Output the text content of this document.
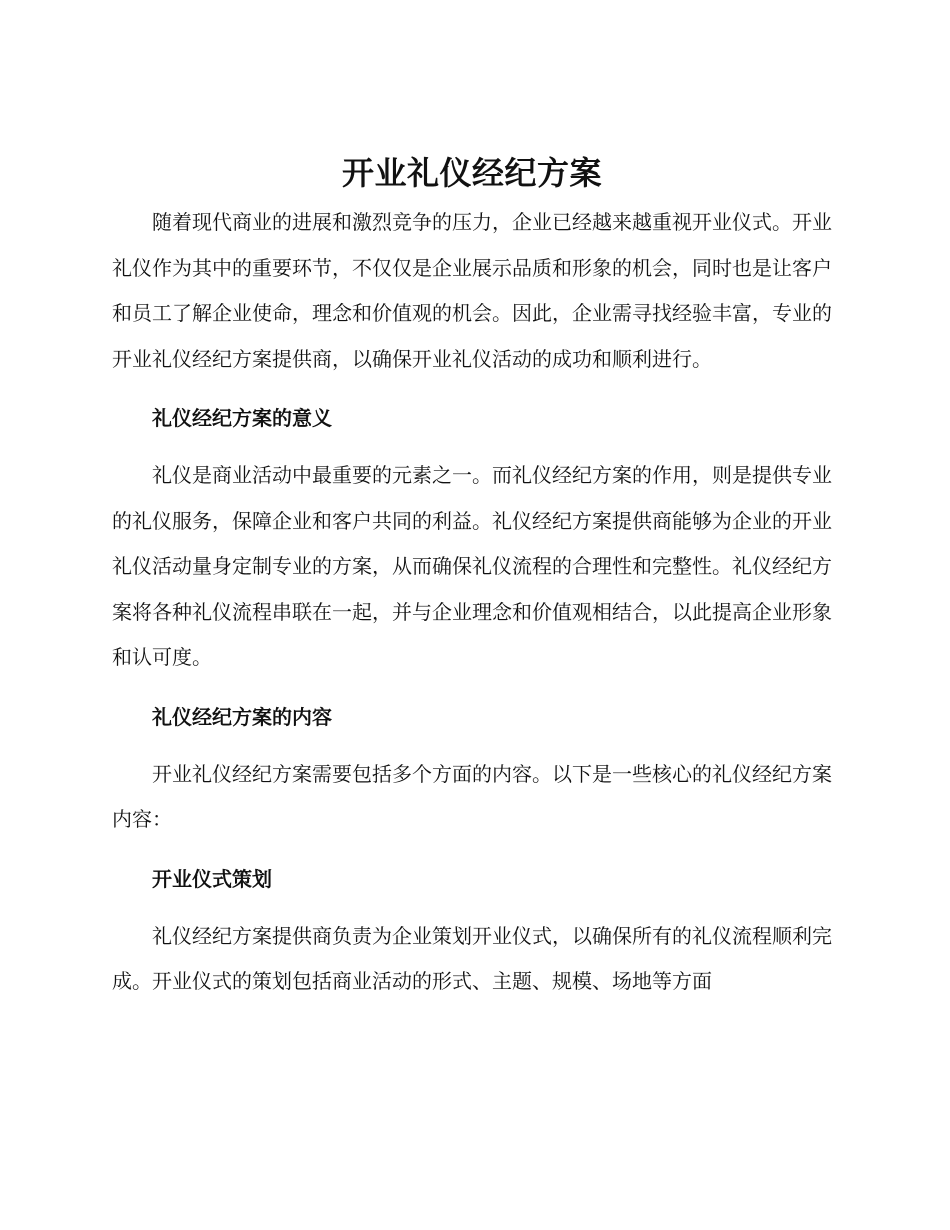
开业礼仪经纪方案

随着现代商业的进展和激烈竞争的压力，企业已经越来越重视开业仪式。开业礼仪作为其中的重要环节，不仅仅是企业展示品质和形象的机会，同时也是让客户和员工了解企业使命，理念和价值观的机会。因此，企业需寻找经验丰富，专业的开业礼仪经纪方案提供商，以确保开业礼仪活动的成功和顺利进行。

礼仪经纪方案的意义

礼仪是商业活动中最重要的元素之一。而礼仪经纪方案的作用，则是提供专业的礼仪服务，保障企业和客户共同的利益。礼仪经纪方案提供商能够为企业的开业礼仪活动量身定制专业的方案，从而确保礼仪流程的合理性和完整性。礼仪经纪方案将各种礼仪流程串联在一起，并与企业理念和价值观相结合，以此提高企业形象和认可度。

礼仪经纪方案的内容

开业礼仪经纪方案需要包括多个方面的内容。以下是一些核心的礼仪经纪方案内容：

开业仪式策划

礼仪经纪方案提供商负责为企业策划开业仪式，以确保所有的礼仪流程顺利完成。开业仪式的策划包括商业活动的形式、主题、规模、场地等方面
